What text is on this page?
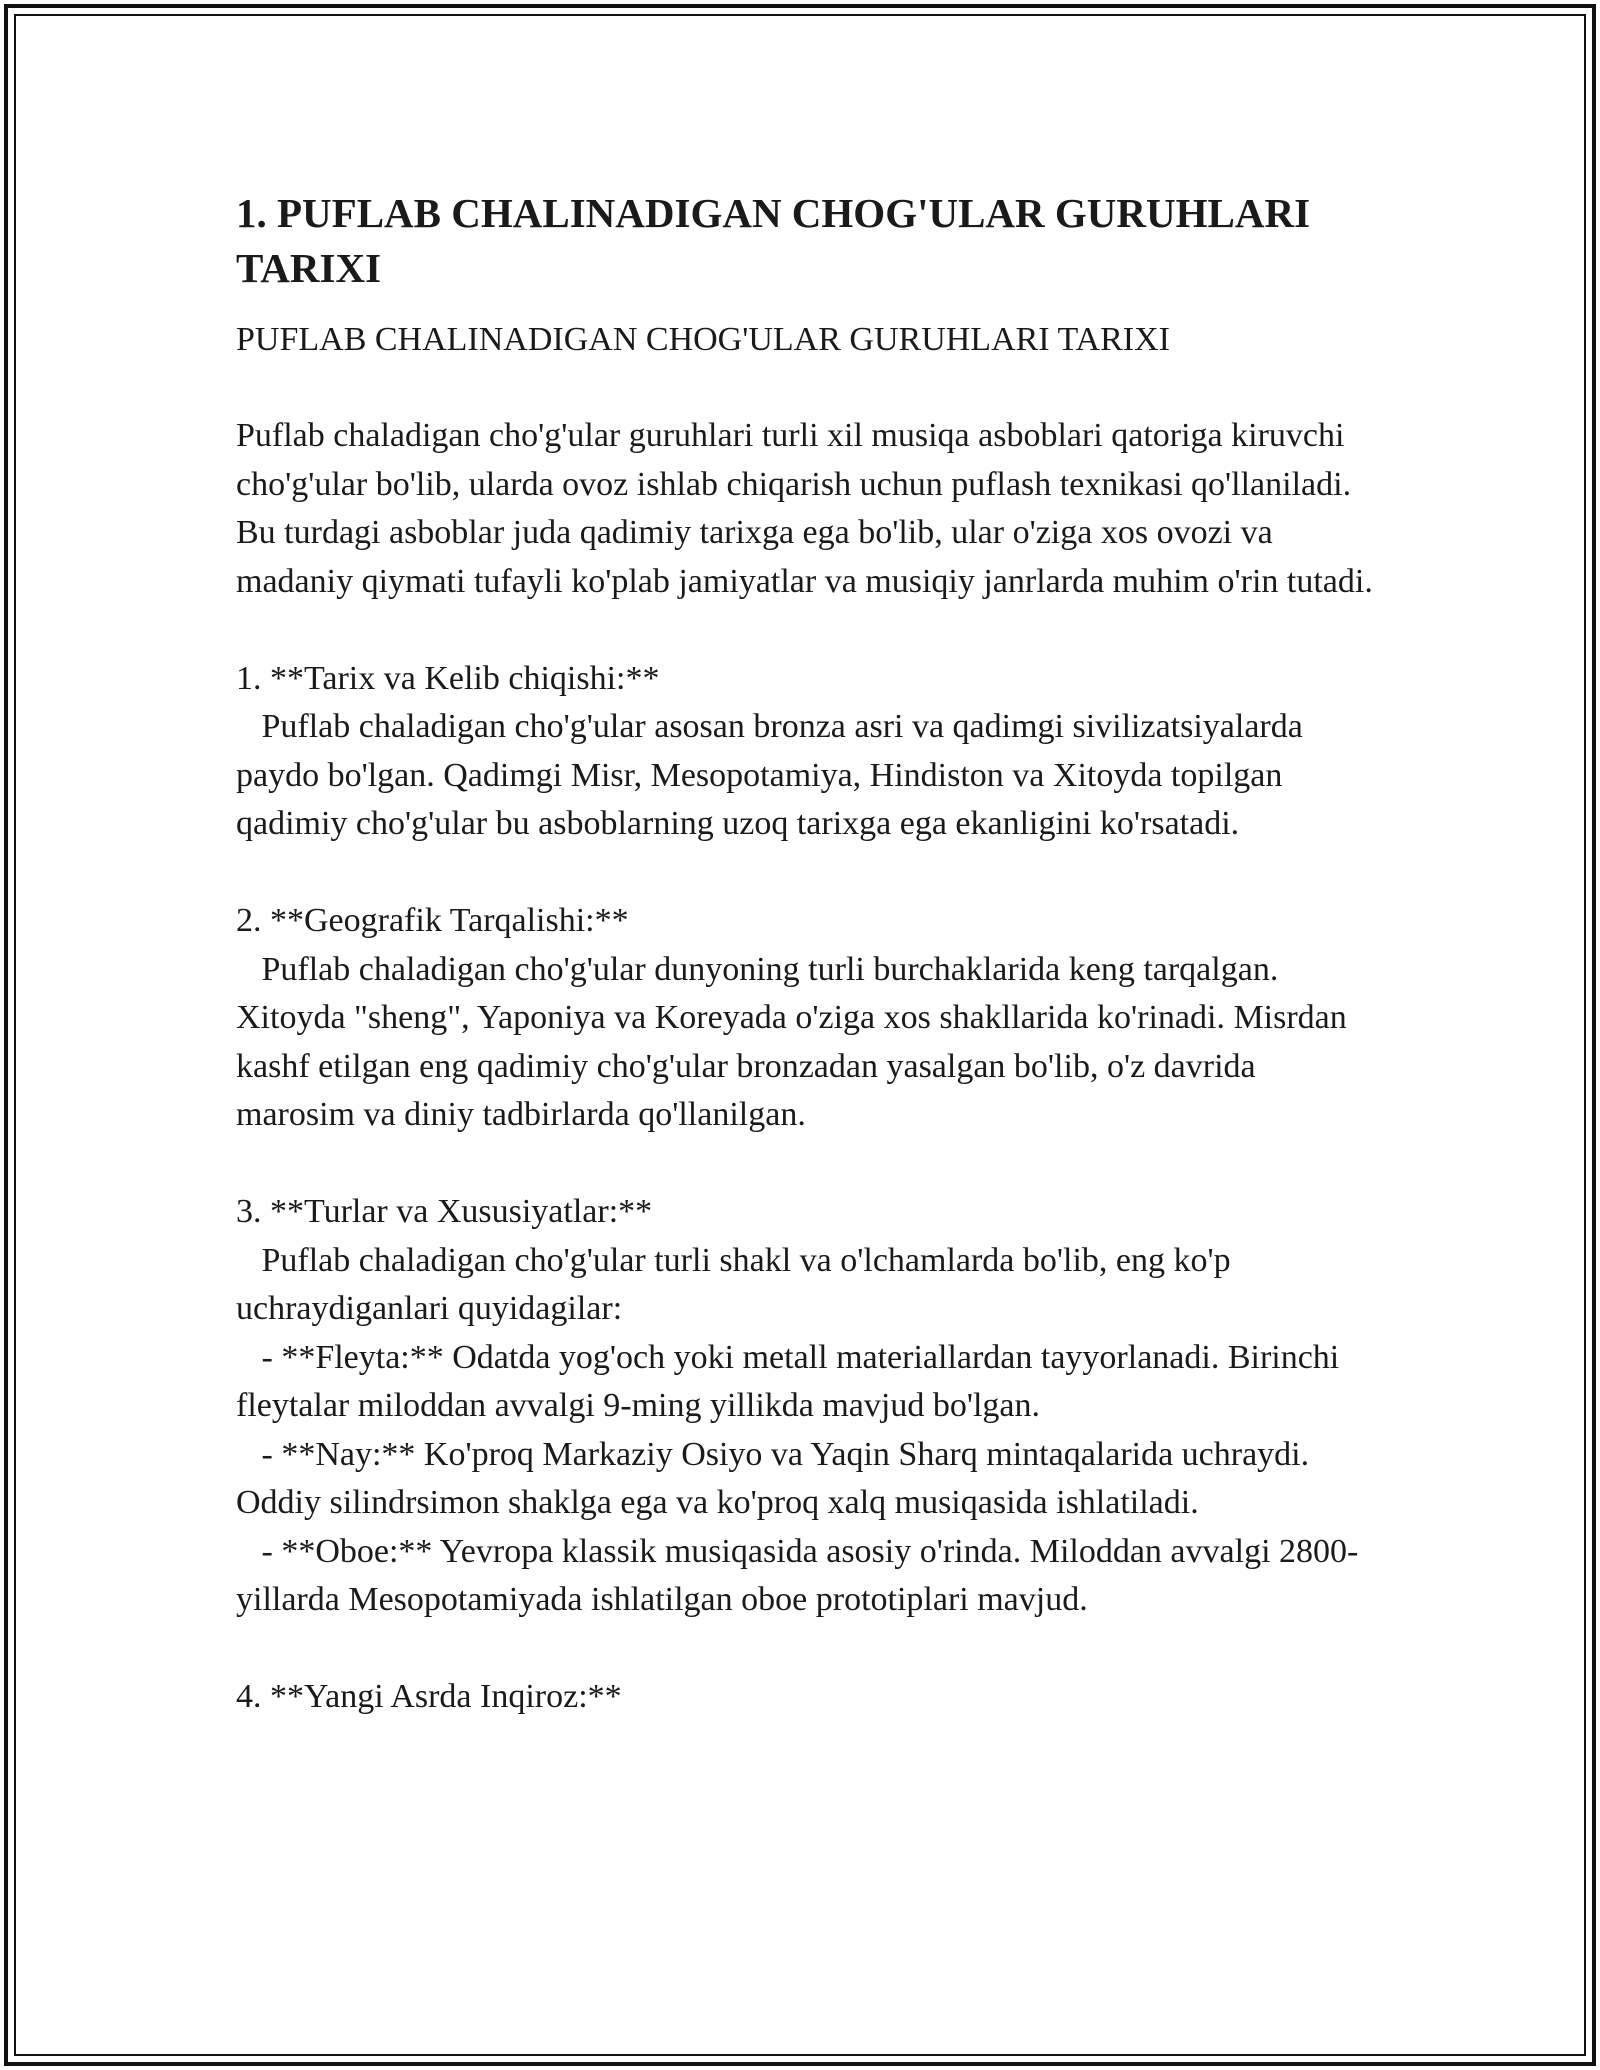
1. PUFLAB CHALINADIGAN CHOG'ULAR GURUHLARI TARIXI
PUFLAB CHALINADIGAN CHOG'ULAR GURUHLARI TARIXI
Puflab chaladigan cho'g'ular guruhlari turli xil musiqa asboblari qatoriga kiruvchi cho'g'ular bo'lib, ularda ovoz ishlab chiqarish uchun puflash texnikasi qo'llaniladi. Bu turdagi asboblar juda qadimiy tarixga ega bo'lib, ular o'ziga xos ovozi va madaniy qiymati tufayli ko'plab jamiyatlar va musiqiy janrlarda muhim o'rin tutadi.
1. **Tarix va Kelib chiqishi:**
Puflab chaladigan cho'g'ular asosan bronza asri va qadimgi sivilizatsiyalarda paydo bo'lgan. Qadimgi Misr, Mesopotamiya, Hindiston va Xitoyda topilgan qadimiy cho'g'ular bu asboblarning uzoq tarixga ega ekanligini ko'rsatadi.
2. **Geografik Tarqalishi:**
Puflab chaladigan cho'g'ular dunyoning turli burchaklarida keng tarqalgan. Xitoyda "sheng", Yaponiya va Koreyada o'ziga xos shakllarida ko'rinadi. Misrdan kashf etilgan eng qadimiy cho'g'ular bronzadan yasalgan bo'lib, o'z davrida marosim va diniy tadbirlarda qo'llanilgan.
3. **Turlar va Xususiyatlar:**
Puflab chaladigan cho'g'ular turli shakl va o'lchamlarda bo'lib, eng ko'p uchraydiganlari quyidagilar:
- **Fleyta:** Odatda yog'och yoki metall materiallardan tayyorlanadi. Birinchi fleytalar miloddan avvalgi 9-ming yillikda mavjud bo'lgan.
- **Nay:** Ko'proq Markaziy Osiyo va Yaqin Sharq mintaqalarida uchraydi. Oddiy silindrsimon shaklga ega va ko'proq xalq musiqasida ishlatiladi.
- **Oboe:** Yevropa klassik musiqasida asosiy o'rinda. Miloddan avvalgi 2800-yillarda Mesopotamiyada ishlatilgan oboe prototiplari mavjud.
4. **Yangi Asrda Inqiroz:**
